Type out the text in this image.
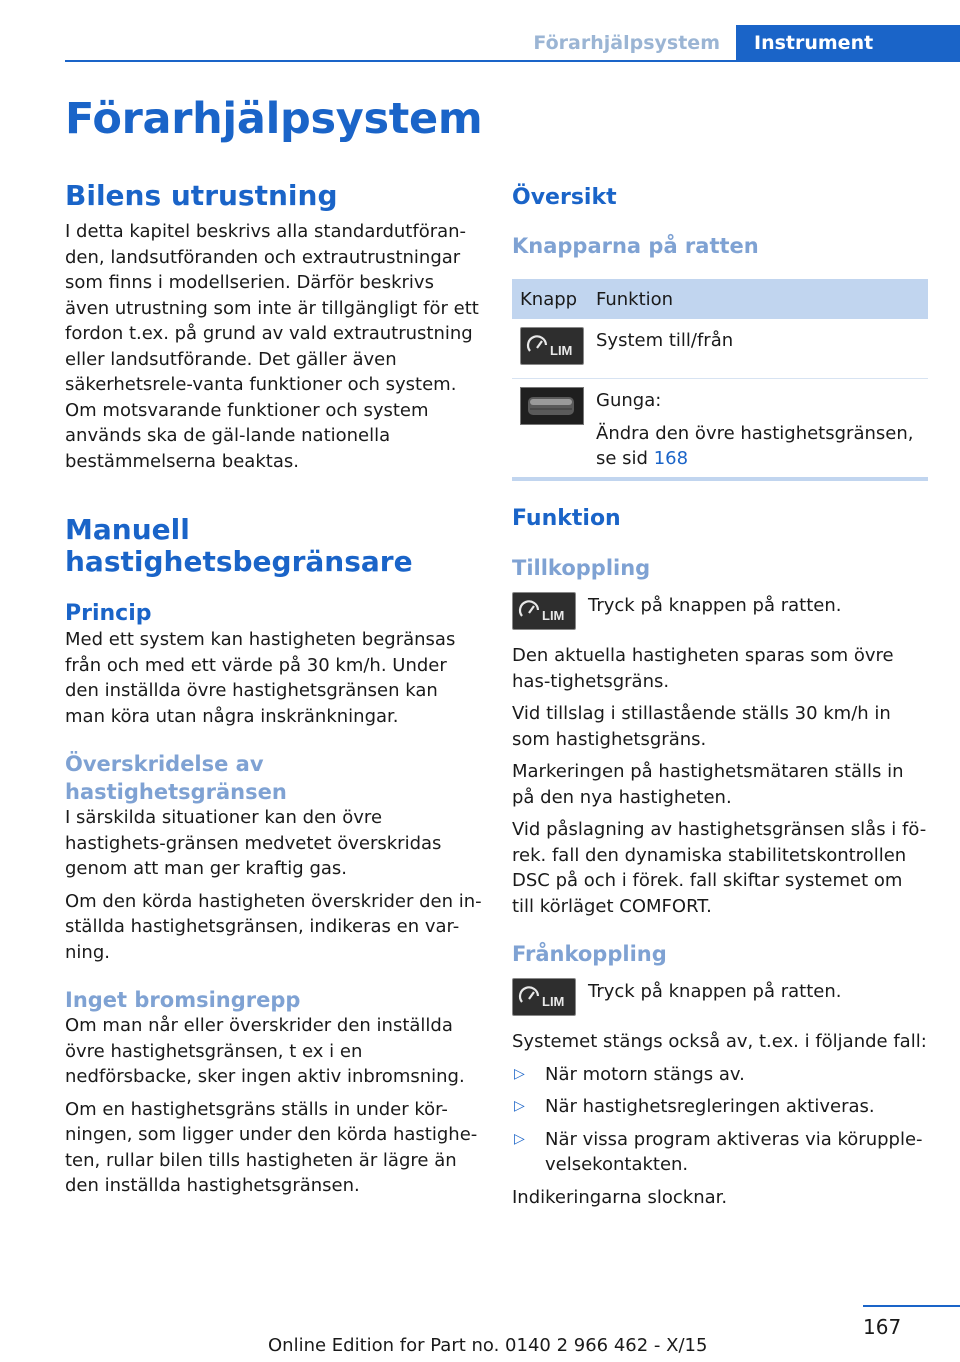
Förarhjälpsystem	Instrument
Förarhjälpsystem
Bilens utrustning

I detta kapitel beskrivs alla standardutföran-den, landsutföranden och extrautrustningar som finns i modellserien. Därför beskrivs även utrustning som inte är tillgängligt för ett fordon t.ex. på grund av vald extrautrustning eller landsutförande. Det gäller även säkerhetsrele-vanta funktioner och system. Om motsvarande funktioner och system används ska de gäl-lande nationella bestämmelserna beaktas.

Manuell hastighetsbegränsare
Princip

Med ett system kan hastigheten begränsas från och med ett värde på 30 km/h. Under den inställda övre hastighetsgränsen kan man köra utan några inskränkningar.

Överskridelse av hastighetsgränsen

I särskilda situationer kan den övre hastighets-gränsen medvetet överskridas genom att man ger kraftig gas.

Om den körda hastigheten överskrider den in-ställda hastighetsgränsen, indikeras en var-ning.

Inget bromsingrepp

Om man når eller överskrider den inställda övre hastighetsgränsen, t ex i en nedförsbacke, sker ingen aktiv inbromsning.

Om en hastighetsgräns ställs in under kör-ningen, som ligger under den körda hastighe-ten, rullar bilen tills hastigheten är lägre än den inställda hastighetsgränsen.

Översikt
Knapparna på ratten
Knapp	Funktion
LIM System till/från

Gunga:

Ändra den övre hastighetsgränsen, se sid 168

Funktion
Tillkoppling
LIM Tryck på knappen på ratten.

Den aktuella hastigheten sparas som övre has-tighetsgräns.

Vid tillslag i stillastående ställs 30 km/h in som hastighetsgräns.

Markeringen på hastighetsmätaren ställs in på den nya hastigheten.

Vid påslagning av hastighetsgränsen slås i fö-rek. fall den dynamiska stabilitetskontrollen DSC på och i förek. fall skiftar systemet om till körläget COMFORT.

Frånkoppling
LIM Tryck på knappen på ratten.

Systemet stängs också av, t.ex. i följande fall:

▷	När motorn stängs av.

▷	När hastighetsregleringen aktiveras.

▷	När vissa program aktiveras via körupple-velsekontakten.

Indikeringarna slocknar.

167
Online Edition for Part no. 0140 2 966 462 - X/15
